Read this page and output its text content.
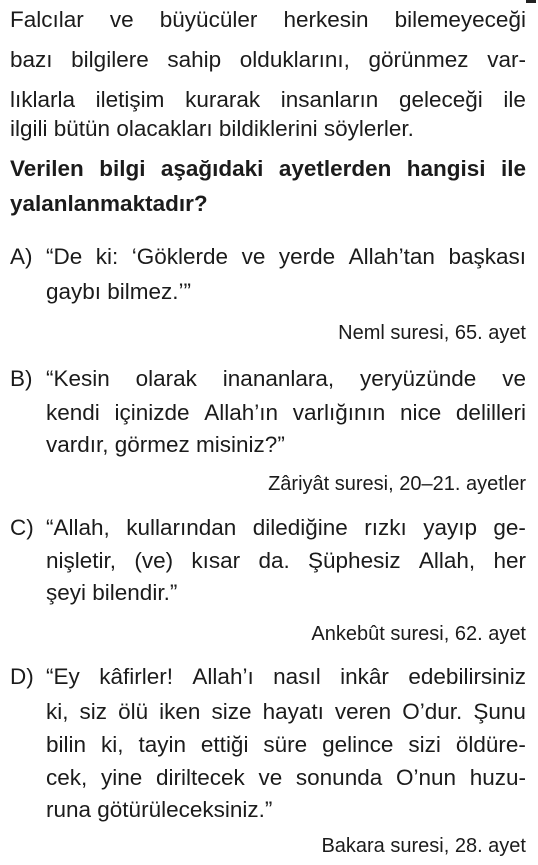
Falcılar ve büyücüler herkesin bilemeyeceği
bazı bilgilere sahip olduklarını, görünmez var-
lıklarla iletişim kurarak insanların geleceği ile
ilgili bütün olacakları bildiklerini söylerler.
Verilen bilgi aşağıdaki ayetlerden hangisi ile
yalanlanmaktadır?
A) “De ki: ‘Göklerde ve yerde Allah’tan başkası
gaybı bilmez.’”
Neml suresi, 65. ayet
B) “Kesin olarak inananlara, yeryüzünde ve
kendi içinizde Allah’ın varlığının nice delilleri
vardır, görmez misiniz?”
Zâriyât suresi, 20–21. ayetler
C) “Allah, kullarından dilediğine rızkı yayıp ge-
nişletir, (ve) kısar da. Şüphesiz Allah, her
şeyi bilendir.”
Ankebût suresi, 62. ayet
D) “Ey kâfirler! Allah’ı nasıl inkâr edebilirsiniz
ki, siz ölü iken size hayatı veren O’dur. Şunu
bilin ki, tayin ettiği süre gelince sizi öldüre-
cek, yine diriltecek ve sonunda O’nun huzu-
runa götürüleceksiniz.”
Bakara suresi, 28. ayet
